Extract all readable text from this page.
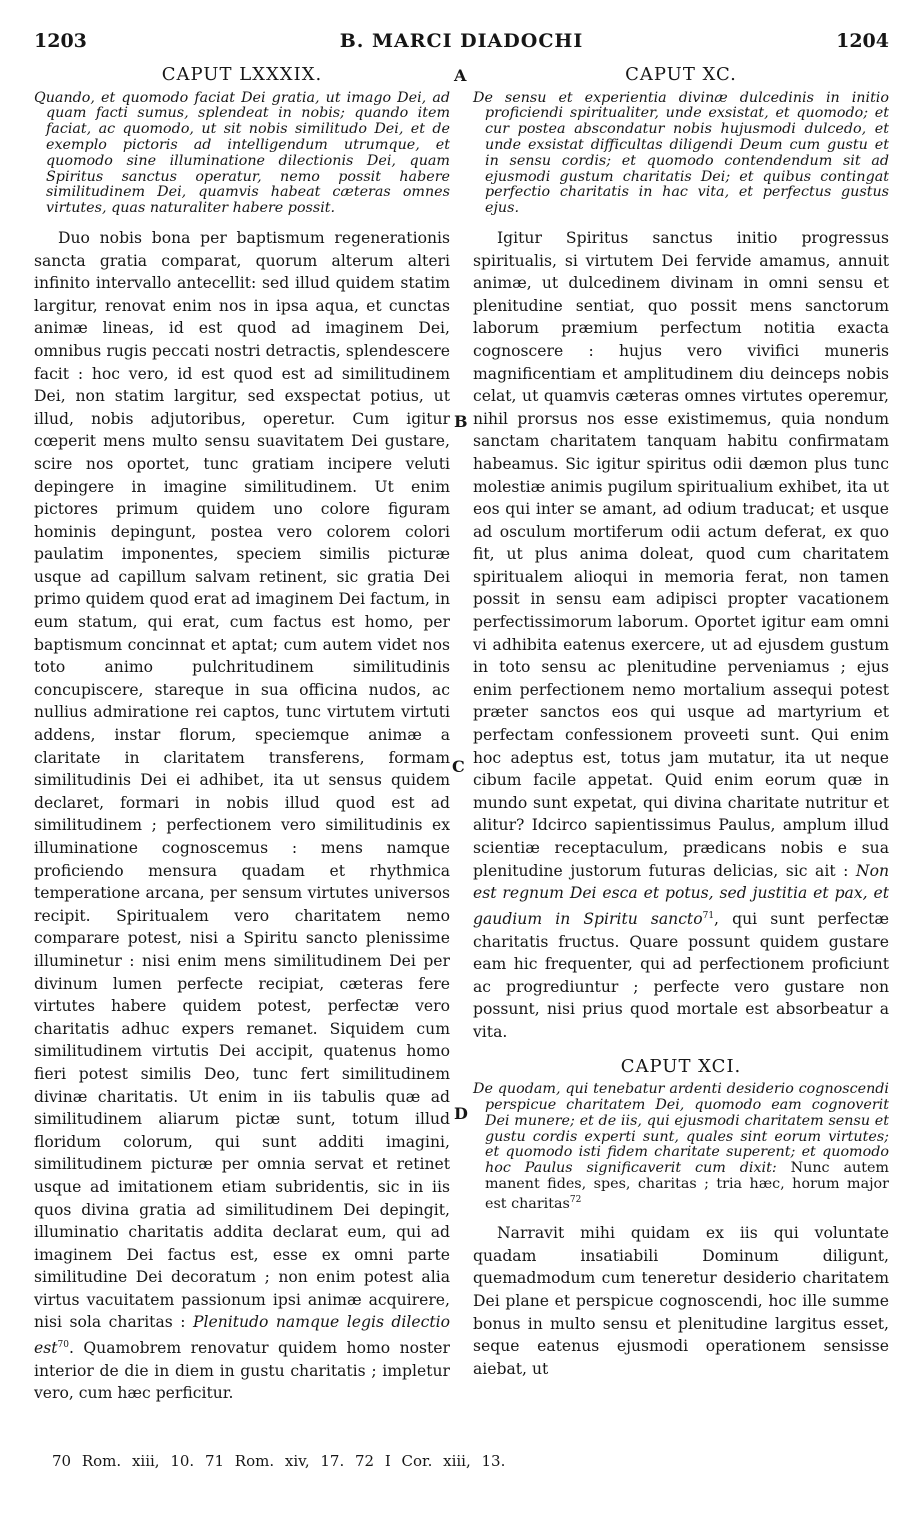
1203	B. MARCI DIADOCHI	1204
A
B
C
D
CAPUT LXXXIX.

Quando, et quomodo faciat Dei gratia, ut imago Dei, ad quam facti sumus, splendeat in nobis; quando item faciat, ac quomodo, ut sit nobis similitudo Dei, et de exemplo pictoris ad intelligendum utrumque, et quomodo sine illuminatione dilectionis Dei, quam Spiritus sanctus operatur, nemo possit habere similitudinem Dei, quamvis habeat cæteras omnes virtutes, quas naturaliter habere possit.

Duo nobis bona per baptismum regenerationis sancta gratia comparat, quorum alterum alteri infinito intervallo antecellit: sed illud quidem statim largitur, renovat enim nos in ipsa aqua, et cunctas animæ lineas, id est quod ad imaginem Dei, omnibus rugis peccati nostri detractis, splendescere facit : hoc vero, id est quod est ad similitudinem Dei, non statim largitur, sed exspectat potius, ut illud, nobis adjutoribus, operetur. Cum igitur cœperit mens multo sensu suavitatem Dei gustare, scire nos oportet, tunc gratiam incipere veluti depingere in imagine similitudinem. Ut enim pictores primum quidem uno colore figuram hominis depingunt, postea vero colorem colori paulatim imponentes, speciem similis picturæ usque ad capillum salvam retinent, sic gratia Dei primo quidem quod erat ad imaginem Dei factum, in eum statum, qui erat, cum factus est homo, per baptismum concinnat et aptat; cum autem videt nos toto animo pulchritudinem similitudinis concupiscere, stareque in sua officina nudos, ac nullius admiratione rei captos, tunc virtutem virtuti addens, instar florum, speciemque animæ a claritate in claritatem transferens, formam similitudinis Dei ei adhibet, ita ut sensus quidem declaret, formari in nobis illud quod est ad similitudinem ; perfectionem vero similitudinis ex illuminatione cognoscemus : mens namque proficiendo mensura quadam et rhythmica temperatione arcana, per sensum virtutes universos recipit. Spiritualem vero charitatem nemo comparare potest, nisi a Spiritu sancto plenissime illuminetur : nisi enim mens similitudinem Dei per divinum lumen perfecte recipiat, cæteras fere virtutes habere quidem potest, perfectæ vero charitatis adhuc expers remanet. Siquidem cum similitudinem virtutis Dei accipit, quatenus homo fieri potest similis Deo, tunc fert similitudinem divinæ charitatis. Ut enim in iis tabulis quæ ad similitudinem aliarum pictæ sunt, totum illud floridum colorum, qui sunt additi imagini, similitudinem picturæ per omnia servat et retinet usque ad imitationem etiam subridentis, sic in iis quos divina gratia ad similitudinem Dei depingit, illuminatio charitatis addita declarat eum, qui ad imaginem Dei factus est, esse ex omni parte similitudine Dei decoratum ; non enim potest alia virtus vacuitatem passionum ipsi animæ acquirere, nisi sola charitas : Plenitudo namque legis dilectio est$^{70}$. Quamobrem renovatur quidem homo noster interior de die in diem in gustu charitatis ; impletur vero, cum hæc perficitur.

CAPUT XC.

De sensu et experientia divinæ dulcedinis in initio proficiendi spiritualiter, unde exsistat, et quomodo; et cur postea abscondatur nobis hujusmodi dulcedo, et unde exsistat difficultas diligendi Deum cum gustu et in sensu cordis; et quomodo contendendum sit ad ejusmodi gustum charitatis Dei; et quibus contingat perfectio charitatis in hac vita, et perfectus gustus ejus.

Igitur Spiritus sanctus initio progressus spiritualis, si virtutem Dei fervide amamus, annuit animæ, ut dulcedinem divinam in omni sensu et plenitudine sentiat, quo possit mens sanctorum laborum præmium perfectum notitia exacta cognoscere : hujus vero vivifici muneris magnificentiam et amplitudinem diu deinceps nobis celat, ut quamvis cæteras omnes virtutes operemur, nihil prorsus nos esse existimemus, quia nondum sanctam charitatem tanquam habitu confirmatam habeamus. Sic igitur spiritus odii dæmon plus tunc molestiæ animis pugilum spiritualium exhibet, ita ut eos qui inter se amant, ad odium traducat; et usque ad osculum mortiferum odii actum deferat, ex quo fit, ut plus anima doleat, quod cum charitatem spiritualem alioqui in memoria ferat, non tamen possit in sensu eam adipisci propter vacationem perfectissimorum laborum. Oportet igitur eam omni vi adhibita eatenus exercere, ut ad ejusdem gustum in toto sensu ac plenitudine perveniamus ; ejus enim perfectionem nemo mortalium assequi potest præter sanctos eos qui usque ad martyrium et perfectam confessionem proveeti sunt. Qui enim hoc adeptus est, totus jam mutatur, ita ut neque cibum facile appetat. Quid enim eorum quæ in mundo sunt expetat, qui divina charitate nutritur et alitur? Idcirco sapientissimus Paulus, amplum illud scientiæ receptaculum, prædicans nobis e sua plenitudine justorum futuras delicias, sic ait : Non est regnum Dei esca et potus, sed justitia et pax, et gaudium in Spiritu sancto$^{71}$, qui sunt perfectæ charitatis fructus. Quare possunt quidem gustare eam hic frequenter, qui ad perfectionem proficiunt ac progrediuntur ; perfecte vero gustare non possunt, nisi prius quod mortale est absorbeatur a vita.

CAPUT XCI.

De quodam, qui tenebatur ardenti desiderio cognoscendi perspicue charitatem Dei, quomodo eam cognoverit Dei munere; et de iis, qui ejusmodi charitatem sensu et gustu cordis experti sunt, quales sint eorum virtutes; et quomodo isti fidem charitate superent; et quomodo hoc Paulus significaverit cum dixit: Nunc autem manent fides, spes, charitas ; tria hæc, horum major est charitas$^{72}$

Narravit mihi quidam ex iis qui voluntate quadam insatiabili Dominum diligunt, quemadmodum cum teneretur desiderio charitatem Dei plane et perspicue cognoscendi, hoc ille summe bonus in multo sensu et plenitudine largitus esset, seque eatenus ejusmodi operationem sensisse aiebat, ut

70 Rom. xiii, 10. 71 Rom. xiv, 17. 72 I Cor. xiii, 13.
